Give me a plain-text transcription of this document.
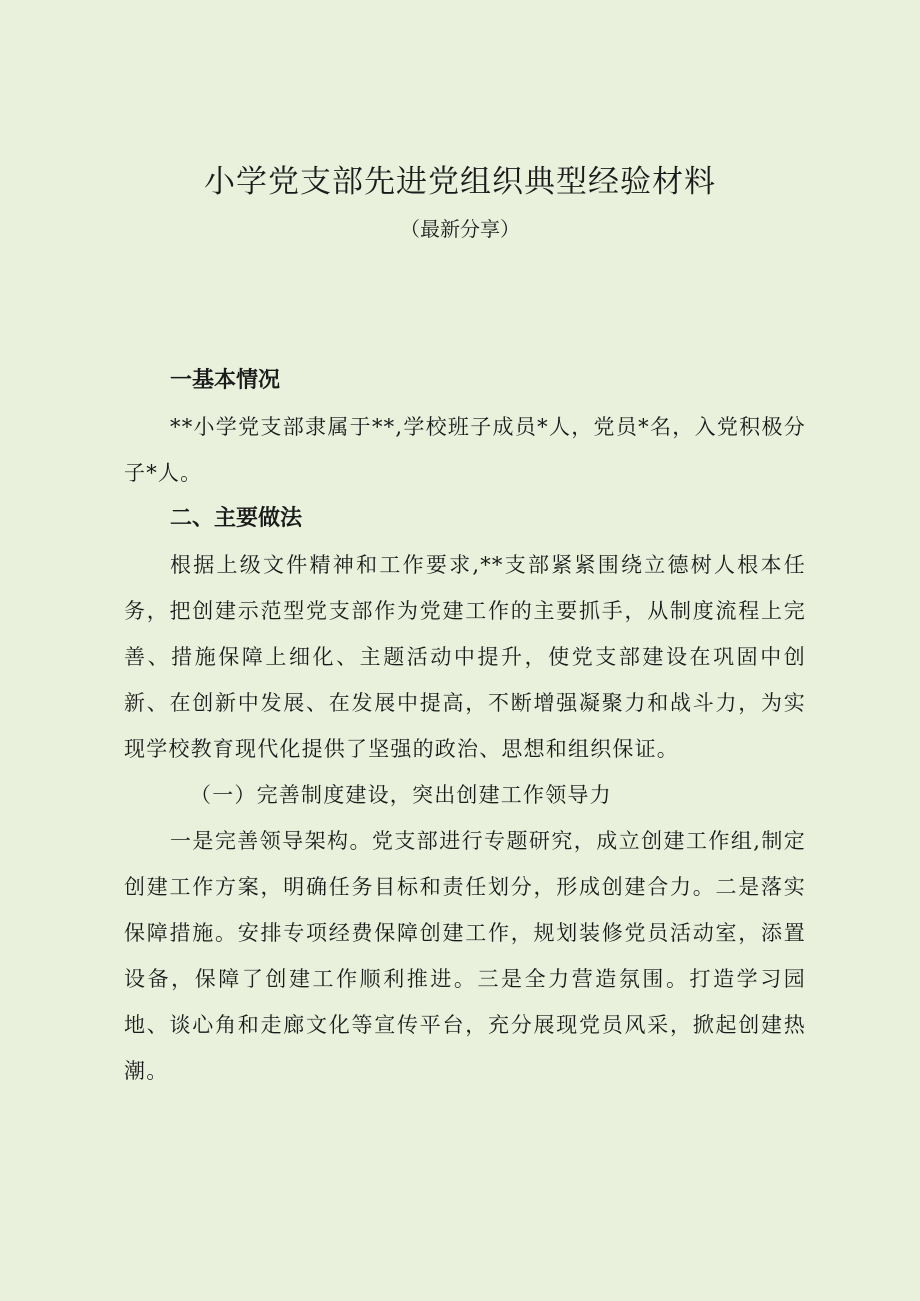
小学党支部先进党组织典型经验材料
（最新分享）

一基本情况

**小学党支部隶属于**,学校班子成员*人，党员*名，入党积极分子*人。

二、主要做法

根据上级文件精神和工作要求,**支部紧紧围绕立德树人根本任务，把创建示范型党支部作为党建工作的主要抓手，从制度流程上完善、措施保障上细化、主题活动中提升，使党支部建设在巩固中创新、在创新中发展、在发展中提高，不断增强凝聚力和战斗力，为实现学校教育现代化提供了坚强的政治、思想和组织保证。

（一）完善制度建设，突出创建工作领导力

一是完善领导架构。党支部进行专题研究，成立创建工作组,制定创建工作方案，明确任务目标和责任划分，形成创建合力。二是落实保障措施。安排专项经费保障创建工作，规划装修党员活动室，添置设备，保障了创建工作顺利推进。三是全力营造氛围。打造学习园地、谈心角和走廊文化等宣传平台，充分展现党员风采，掀起创建热潮。
